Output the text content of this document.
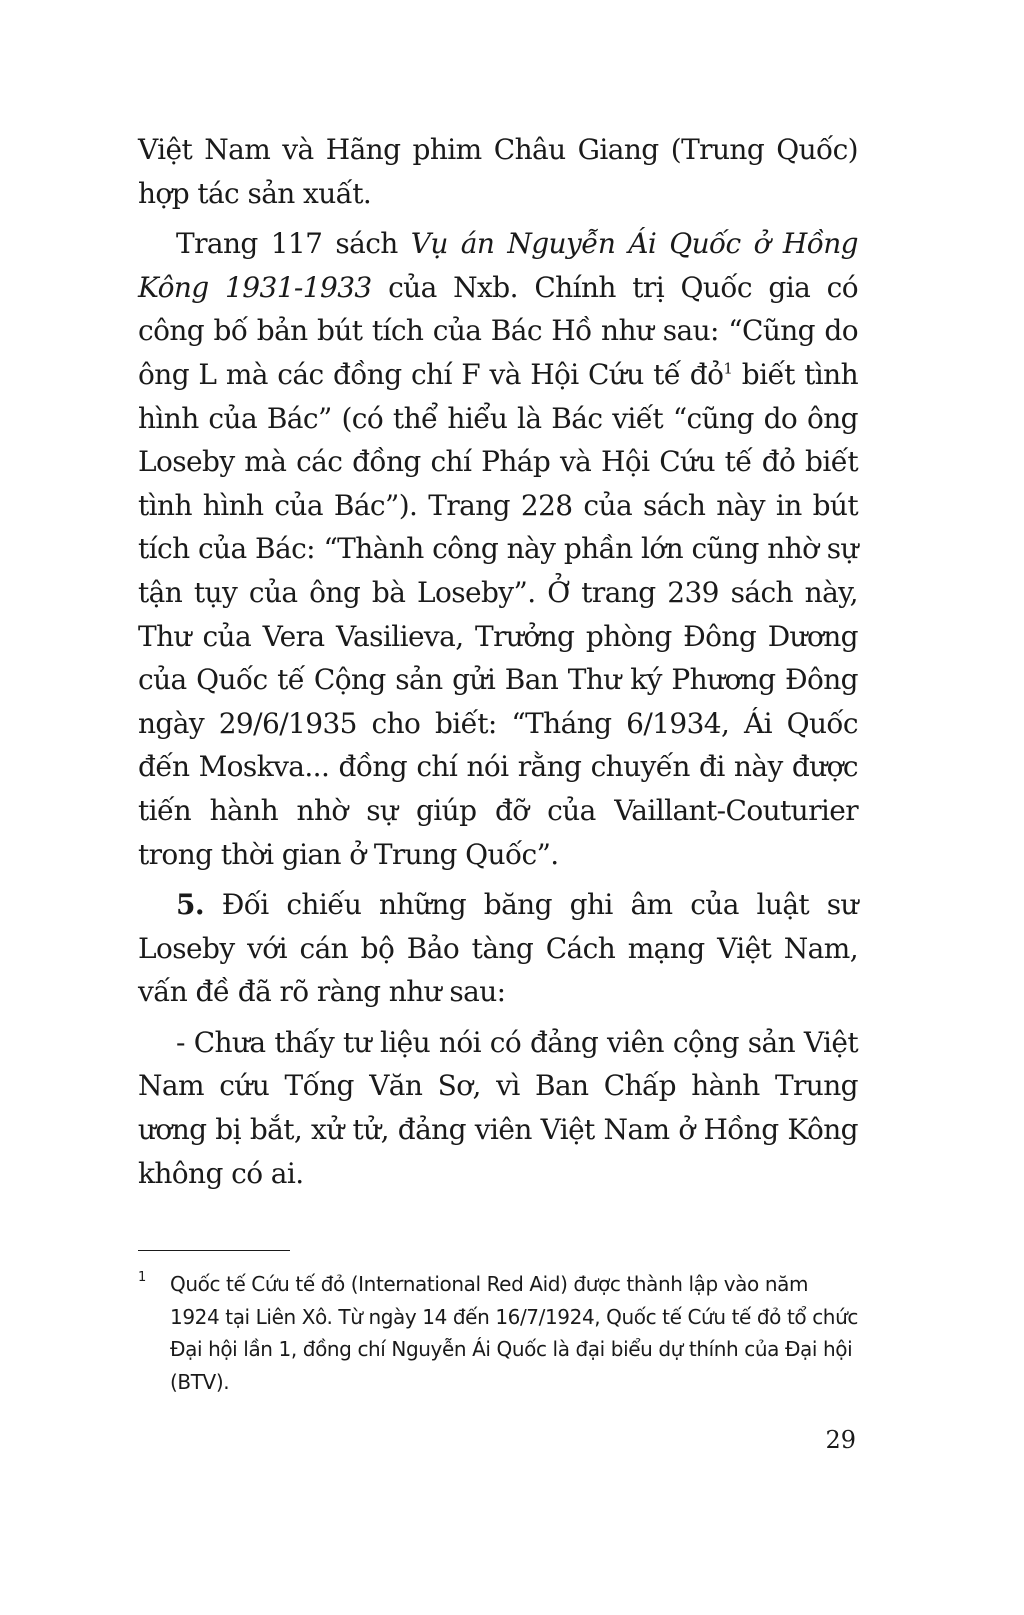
Việt Nam và Hãng phim Châu Giang (Trung Quốc) hợp tác sản xuất.

Trang 117 sách Vụ án Nguyễn Ái Quốc ở Hồng Kông 1931-1933 của Nxb. Chính trị Quốc gia có công bố bản bút tích của Bác Hồ như sau: “Cũng do ông L mà các đồng chí F và Hội Cứu tế đỏ$^1$ biết tình hình của Bác” (có thể hiểu là Bác viết “cũng do ông Loseby mà các đồng chí Pháp và Hội Cứu tế đỏ biết tình hình của Bác”). Trang 228 của sách này in bút tích của Bác: “Thành công này phần lớn cũng nhờ sự tận tụy của ông bà Loseby”. Ở trang 239 sách này, Thư của Vera Vasilieva, Trưởng phòng Đông Dương của Quốc tế Cộng sản gửi Ban Thư ký Phương Đông ngày 29/6/1935 cho biết: “Tháng 6/1934, Ái Quốc đến Moskva... đồng chí nói rằng chuyến đi này được tiến hành nhờ sự giúp đỡ của Vaillant-Couturier trong thời gian ở Trung Quốc”.

5. Đối chiếu những băng ghi âm của luật sư Loseby với cán bộ Bảo tàng Cách mạng Việt Nam, vấn đề đã rõ ràng như sau:

- Chưa thấy tư liệu nói có đảng viên cộng sản Việt Nam cứu Tống Văn Sơ, vì Ban Chấp hành Trung ương bị bắt, xử tử, đảng viên Việt Nam ở Hồng Kông không có ai.

1	Quốc tế Cứu tế đỏ (International Red Aid) được thành lập vào năm 1924 tại Liên Xô. Từ ngày 14 đến 16/7/1924, Quốc tế Cứu tế đỏ tổ chức Đại hội lần 1, đồng chí Nguyễn Ái Quốc là đại biểu dự thính của Đại hội (BTV).
29
